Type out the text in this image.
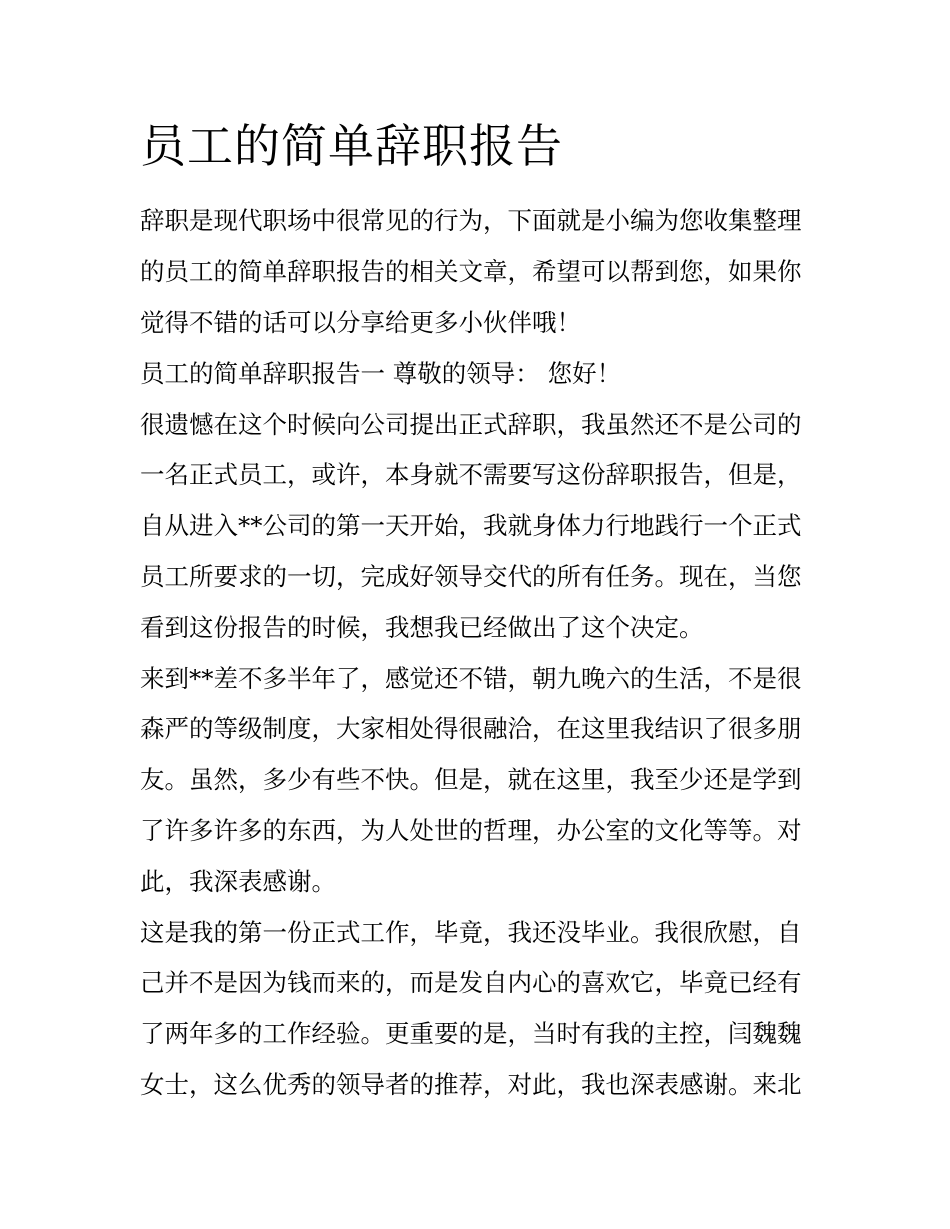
员工的简单辞职报告

辞职是现代职场中很常见的行为，下面就是小编为您收集整理

的员工的简单辞职报告的相关文章，希望可以帮到您，如果你

觉得不错的话可以分享给更多小伙伴哦！

员工的简单辞职报告一 尊敬的领导： 您好！

很遗憾在这个时候向公司提出正式辞职，我虽然还不是公司的

一名正式员工，或许，本身就不需要写这份辞职报告，但是，

自从进入**公司的第一天开始，我就身体力行地践行一个正式

员工所要求的一切，完成好领导交代的所有任务。现在，当您

看到这份报告的时候，我想我已经做出了这个决定。

来到**差不多半年了，感觉还不错，朝九晚六的生活，不是很

森严的等级制度，大家相处得很融洽，在这里我结识了很多朋

友。虽然，多少有些不快。但是，就在这里，我至少还是学到

了许多许多的东西，为人处世的哲理，办公室的文化等等。对

此，我深表感谢。

这是我的第一份正式工作，毕竟，我还没毕业。我很欣慰，自

己并不是因为钱而来的，而是发自内心的喜欢它，毕竟已经有

了两年多的工作经验。更重要的是，当时有我的主控，闫魏魏

女士，这么优秀的领导者的推荐，对此，我也深表感谢。来北
